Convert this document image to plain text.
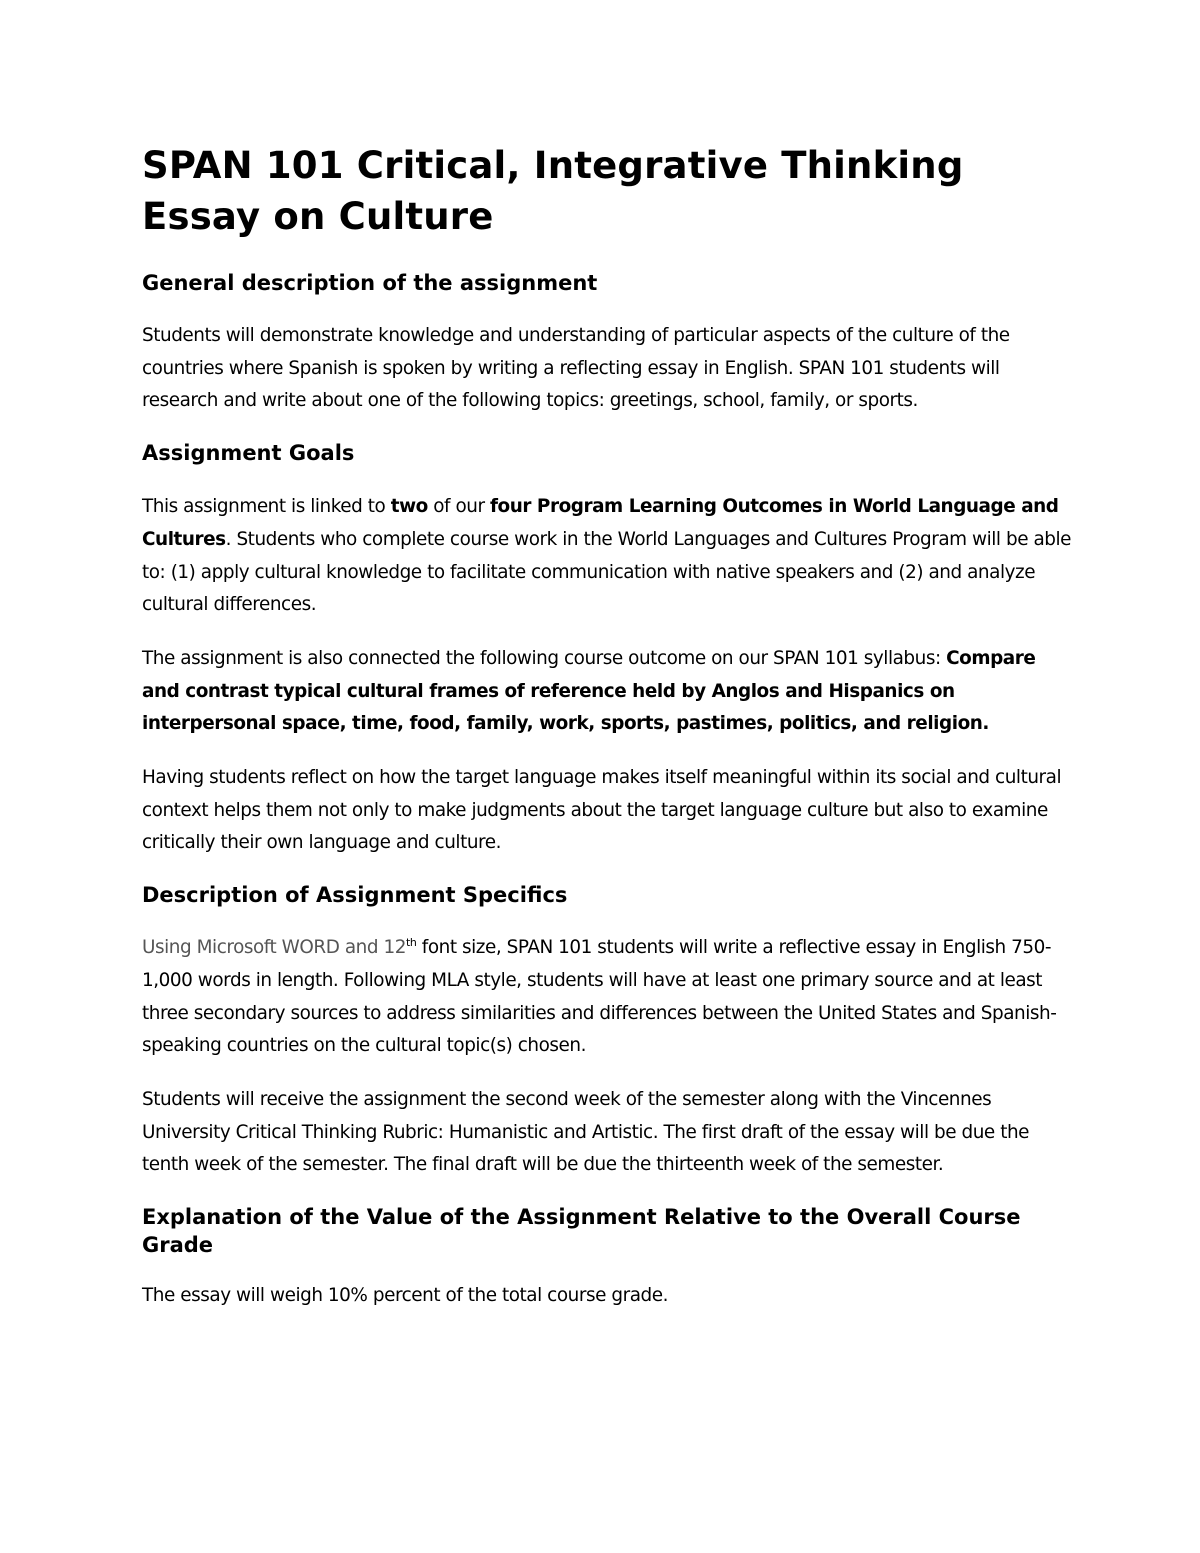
SPAN 101 Critical, Integrative Thinking Essay on Culture
General description of the assignment

Students will demonstrate knowledge and understanding of particular aspects of the culture of the countries where Spanish is spoken by writing a reflecting essay in English. SPAN 101 students will research and write about one of the following topics: greetings, school, family, or sports.

Assignment Goals

This assignment is linked to two of our four Program Learning Outcomes in World Language and Cultures. Students who complete course work in the World Languages and Cultures Program will be able to: (1) apply cultural knowledge to facilitate communication with native speakers and (2) and analyze cultural differences.

The assignment is also connected the following course outcome on our SPAN 101 syllabus: Compare and contrast typical cultural frames of reference held by Anglos and Hispanics on interpersonal space, time, food, family, work, sports, pastimes, politics, and religion.

Having students reflect on how the target language makes itself meaningful within its social and cultural context helps them not only to make judgments about the target language culture but also to examine critically their own language and culture.

Description of Assignment Specifics

Using Microsoft WORD and 12th font size, SPAN 101 students will write a reflective essay in English 750-1,000 words in length. Following MLA style, students will have at least one primary source and at least three secondary sources to address similarities and differences between the United States and Spanish-speaking countries on the cultural topic(s) chosen.

Students will receive the assignment the second week of the semester along with the Vincennes University Critical Thinking Rubric: Humanistic and Artistic. The first draft of the essay will be due the tenth week of the semester. The final draft will be due the thirteenth week of the semester.

Explanation of the Value of the Assignment Relative to the Overall Course Grade

The essay will weigh 10% percent of the total course grade.
